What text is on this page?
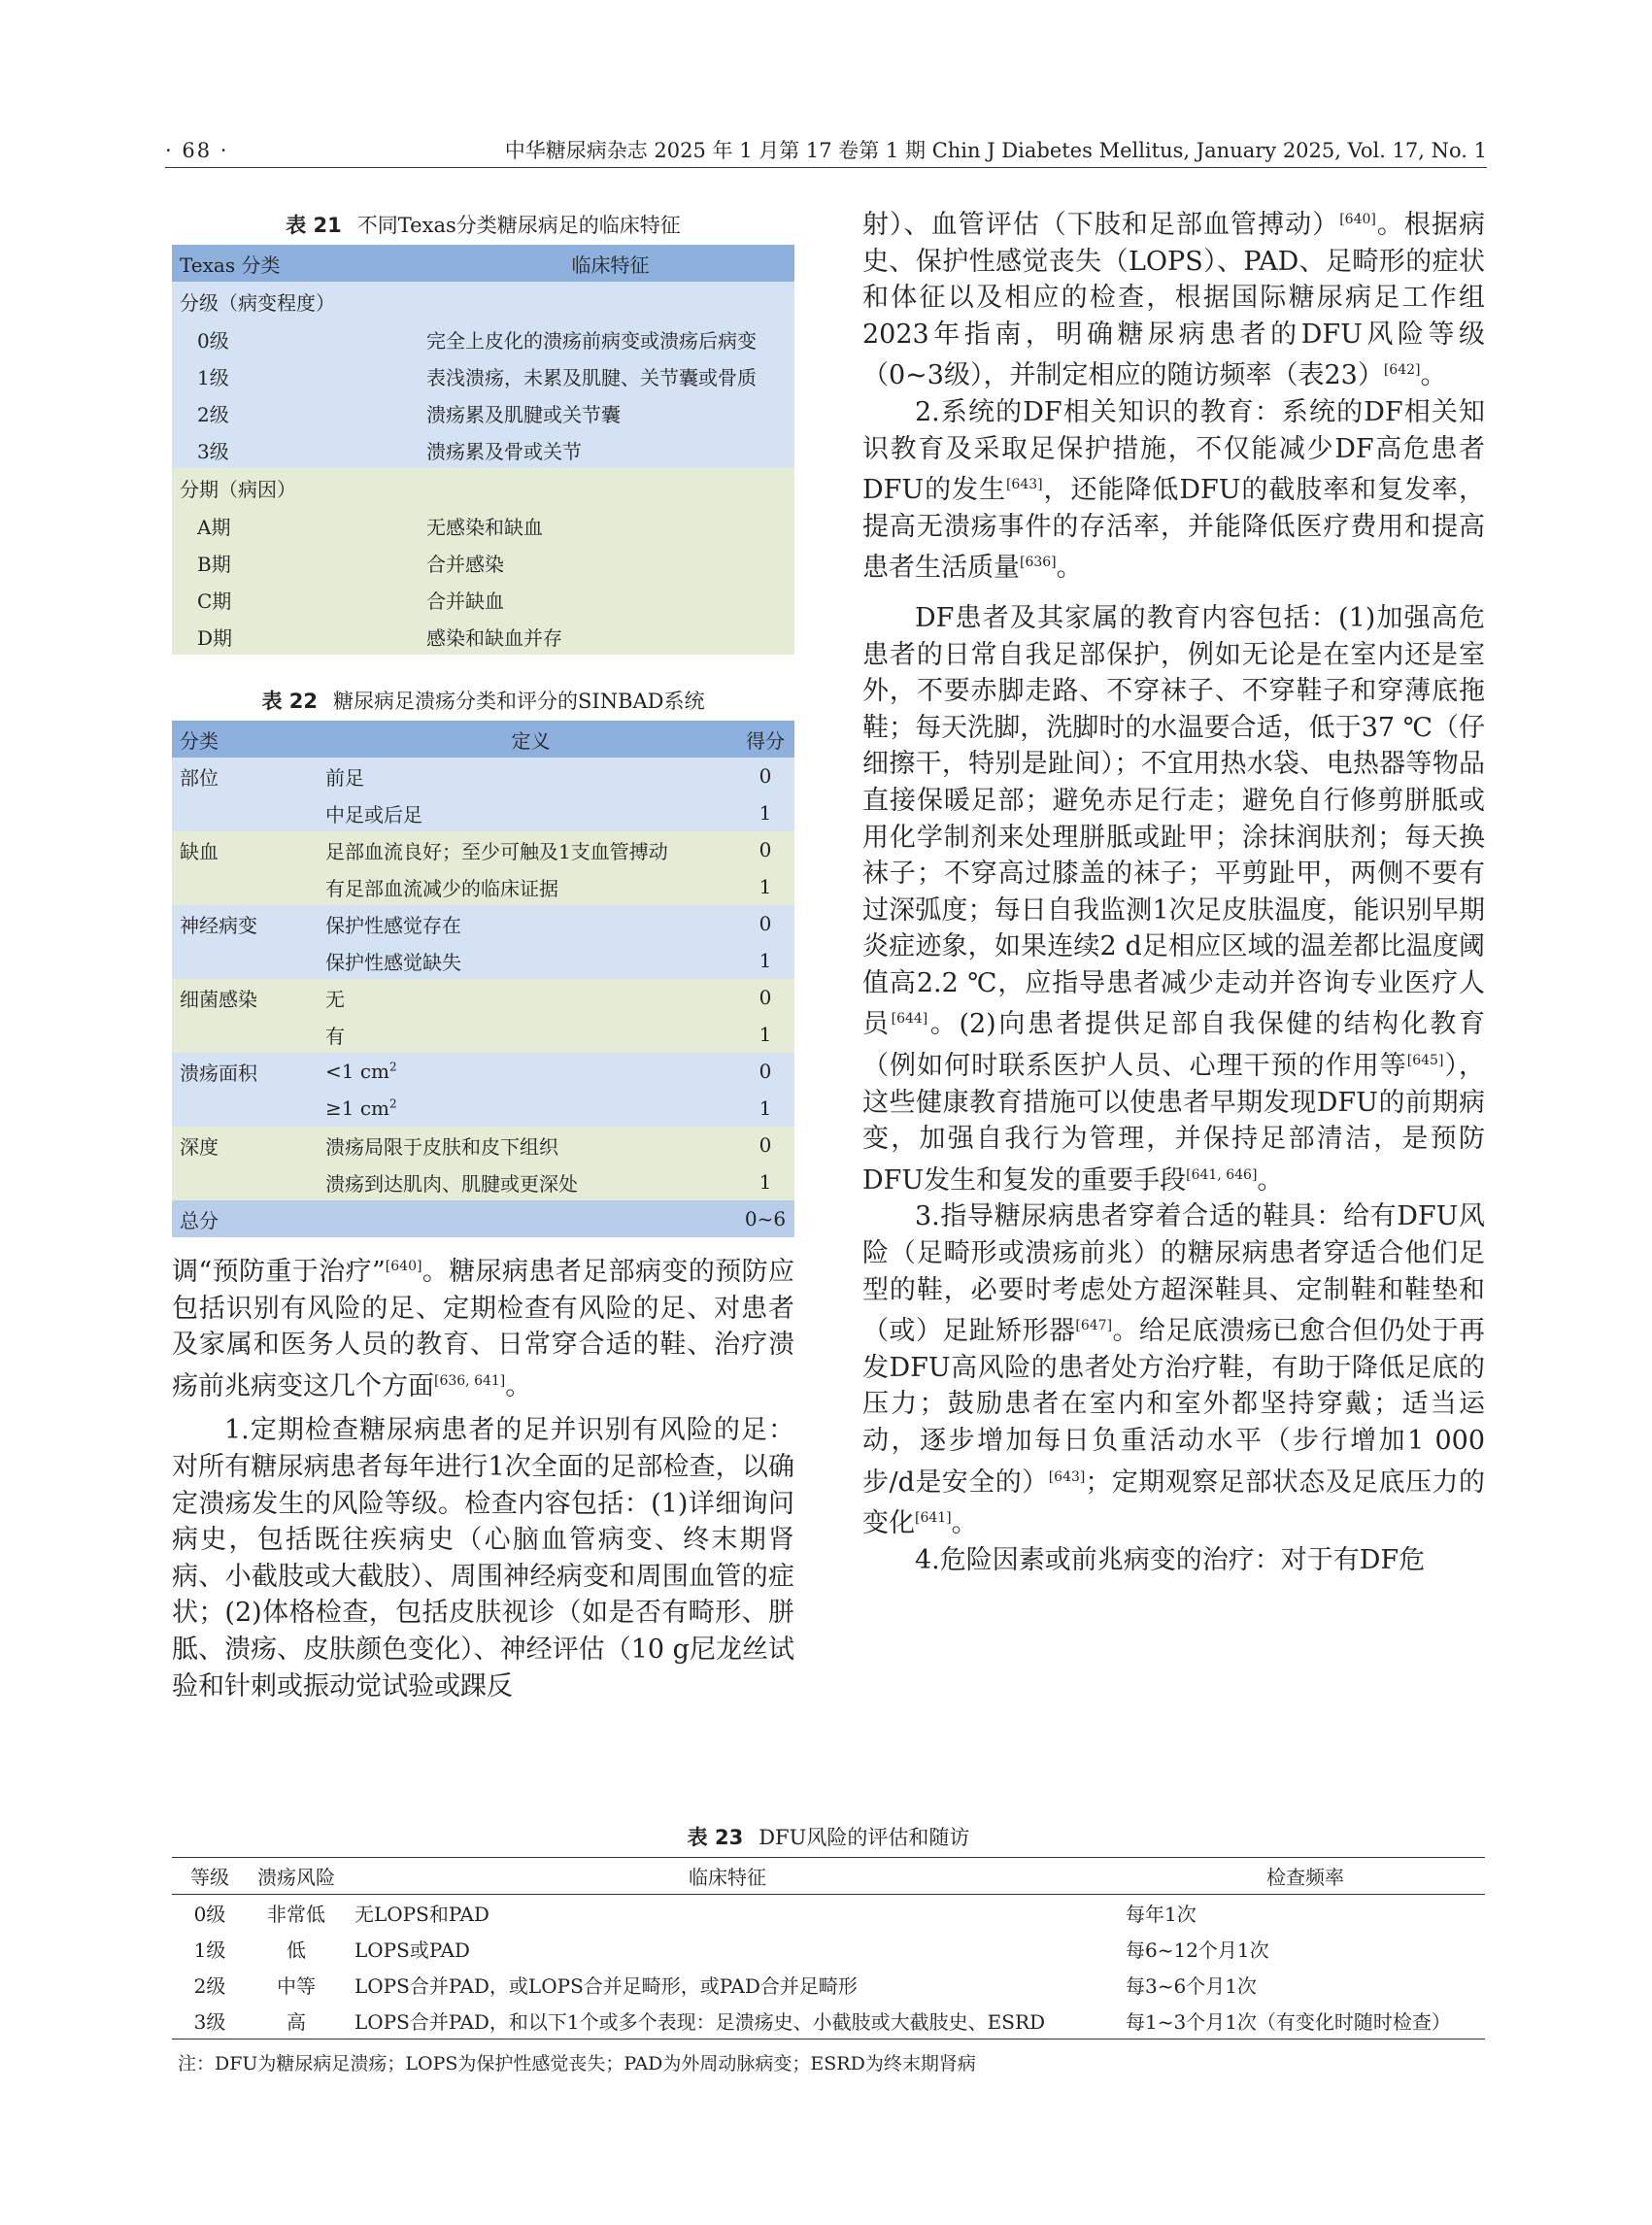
· 68 ·	中华糖尿病杂志 2025 年 1 月第 17 卷第 1 期 Chin J Diabetes Mellitus, January 2025, Vol. 17, No. 1
表 21 不同Texas分类糖尿病足的临床特征
Texas 分类	临床特征
分级（病变程度）	
0级	完全上皮化的溃疡前病变或溃疡后病变
1级	表浅溃疡，未累及肌腱、关节囊或骨质
2级	溃疡累及肌腱或关节囊
3级	溃疡累及骨或关节
分期（病因）	
A期	无感染和缺血
B期	合并感染
C期	合并缺血
D期	感染和缺血并存
表 22 糖尿病足溃疡分类和评分的SINBAD系统
分类	定义	得分
部位	前足	0
	中足或后足	1
缺血	足部血流良好；至少可触及1支血管搏动	0
	有足部血流减少的临床证据	1
神经病变	保护性感觉存在	0
	保护性感觉缺失	1
细菌感染	无	0
	有	1
溃疡面积	<1 $cm^2$	0
	≥1 $cm^2$	1
深度	溃疡局限于皮肤和皮下组织	0
	溃疡到达肌肉、肌腱或更深处	1
总分		0~6

调“预防重于治疗”[640]。糖尿病患者足部病变的预防应包括识别有风险的足、定期检查有风险的足、对患者及家属和医务人员的教育、日常穿合适的鞋、治疗溃疡前兆病变这几个方面[636, 641]。

1.定期检查糖尿病患者的足并识别有风险的足：对所有糖尿病患者每年进行1次全面的足部检查，以确定溃疡发生的风险等级。检查内容包括：(1)详细询问病史，包括既往疾病史（心脑血管病变、终末期肾病、小截肢或大截肢）、周围神经病变和周围血管的症状；(2)体格检查，包括皮肤视诊（如是否有畸形、胼胝、溃疡、皮肤颜色变化）、神经评估（10 g尼龙丝试验和针刺或振动觉试验或踝反

射）、血管评估（下肢和足部血管搏动）[640]。根据病史、保护性感觉丧失（LOPS）、PAD、足畸形的症状和体征以及相应的检查，根据国际糖尿病足工作组2023年指南，明确糖尿病患者的DFU风险等级（0~3级），并制定相应的随访频率（表23）[642]。

2.系统的DF相关知识的教育：系统的DF相关知识教育及采取足保护措施，不仅能减少DF高危患者DFU的发生[643]，还能降低DFU的截肢率和复发率，提高无溃疡事件的存活率，并能降低医疗费用和提高患者生活质量[636]。

DF患者及其家属的教育内容包括：(1)加强高危患者的日常自我足部保护，例如无论是在室内还是室外，不要赤脚走路、不穿袜子、不穿鞋子和穿薄底拖鞋；每天洗脚，洗脚时的水温要合适，低于37 ℃（仔细擦干，特别是趾间）；不宜用热水袋、电热器等物品直接保暖足部；避免赤足行走；避免自行修剪胼胝或用化学制剂来处理胼胝或趾甲；涂抹润肤剂；每天换袜子；不穿高过膝盖的袜子；平剪趾甲，两侧不要有过深弧度；每日自我监测1次足皮肤温度，能识别早期炎症迹象，如果连续2 d足相应区域的温差都比温度阈值高2.2 ℃，应指导患者减少走动并咨询专业医疗人员[644]。(2)向患者提供足部自我保健的结构化教育（例如何时联系医护人员、心理干预的作用等[645]），这些健康教育措施可以使患者早期发现DFU的前期病变，加强自我行为管理，并保持足部清洁，是预防DFU发生和复发的重要手段[641, 646]。

3.指导糖尿病患者穿着合适的鞋具：给有DFU风险（足畸形或溃疡前兆）的糖尿病患者穿适合他们足型的鞋，必要时考虑处方超深鞋具、定制鞋和鞋垫和（或）足趾矫形器[647]。给足底溃疡已愈合但仍处于再发DFU高风险的患者处方治疗鞋，有助于降低足底的压力；鼓励患者在室内和室外都坚持穿戴；适当运动，逐步增加每日负重活动水平（步行增加1 000步/d是安全的）[643]；定期观察足部状态及足底压力的变化[641]。

4.危险因素或前兆病变的治疗：对于有DF危

表 23 DFU风险的评估和随访
等级	溃疡风险	临床特征	检查频率
0级	非常低	无LOPS和PAD	每年1次
1级	低	LOPS或PAD	每6~12个月1次
2级	中等	LOPS合并PAD，或LOPS合并足畸形，或PAD合并足畸形	每3~6个月1次
3级	高	LOPS合并PAD，和以下1个或多个表现：足溃疡史、小截肢或大截肢史、ESRD	每1~3个月1次（有变化时随时检查）
注：DFU为糖尿病足溃疡；LOPS为保护性感觉丧失；PAD为外周动脉病变；ESRD为终末期肾病
